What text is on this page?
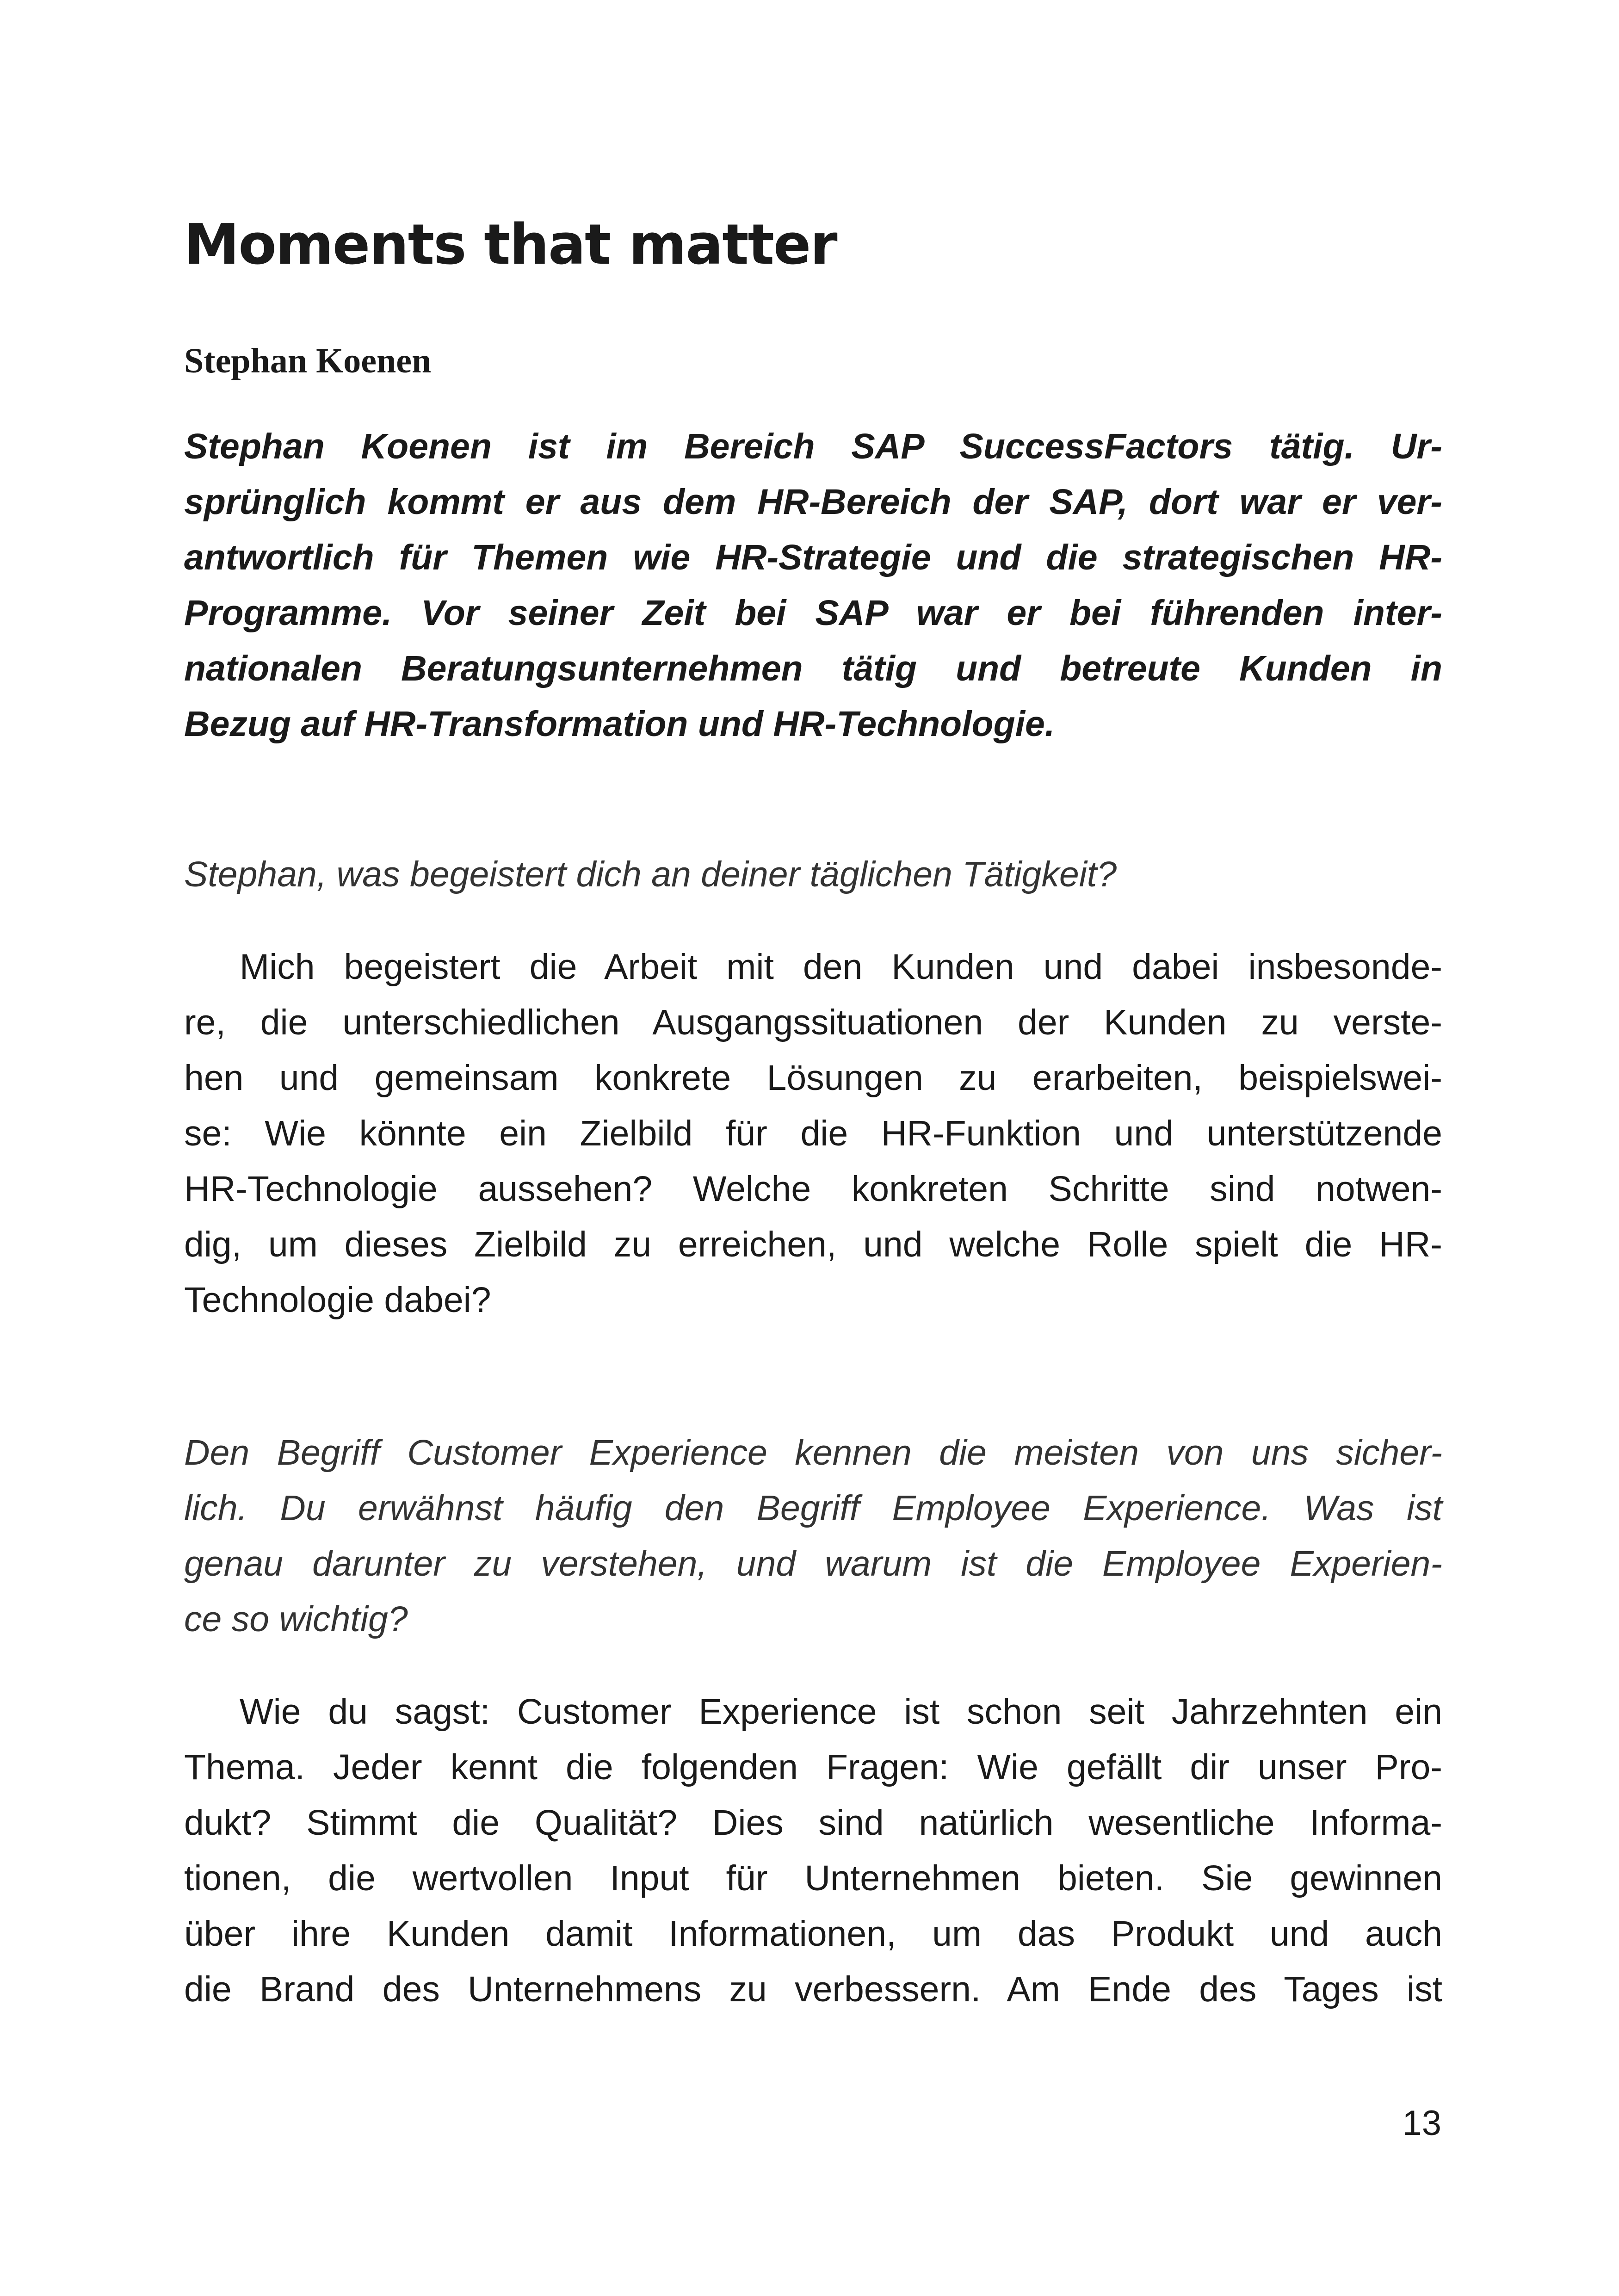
Moments that matter
Stephan Koenen
Stephan Koenen ist im Bereich SAP SuccessFactors tätig. Ur-
sprünglich kommt er aus dem HR-Bereich der SAP, dort war er ver-
antwortlich für Themen wie HR-Strategie und die strategischen HR-
Programme. Vor seiner Zeit bei SAP war er bei führenden inter-
nationalen Beratungsunternehmen tätig und betreute Kunden in
Bezug auf HR-Transformation und HR-Technologie.
Stephan, was begeistert dich an deiner täglichen Tätigkeit?
Mich begeistert die Arbeit mit den Kunden und dabei insbesonde-
re, die unterschiedlichen Ausgangssituationen der Kunden zu verste-
hen und gemeinsam konkrete Lösungen zu erarbeiten, beispielswei-
se: Wie könnte ein Zielbild für die HR-Funktion und unterstützende
HR-Technologie aussehen? Welche konkreten Schritte sind notwen-
dig, um dieses Zielbild zu erreichen, und welche Rolle spielt die HR-
Technologie dabei?
Den Begriff Customer Experience kennen die meisten von uns sicher-
lich. Du erwähnst häufig den Begriff Employee Experience. Was ist
genau darunter zu verstehen, und warum ist die Employee Experien-
ce so wichtig?
Wie du sagst: Customer Experience ist schon seit Jahrzehnten ein
Thema. Jeder kennt die folgenden Fragen: Wie gefällt dir unser Pro-
dukt? Stimmt die Qualität? Dies sind natürlich wesentliche Informa-
tionen, die wertvollen Input für Unternehmen bieten. Sie gewinnen
über ihre Kunden damit Informationen, um das Produkt und auch
die Brand des Unternehmens zu verbessern. Am Ende des Tages ist
13
